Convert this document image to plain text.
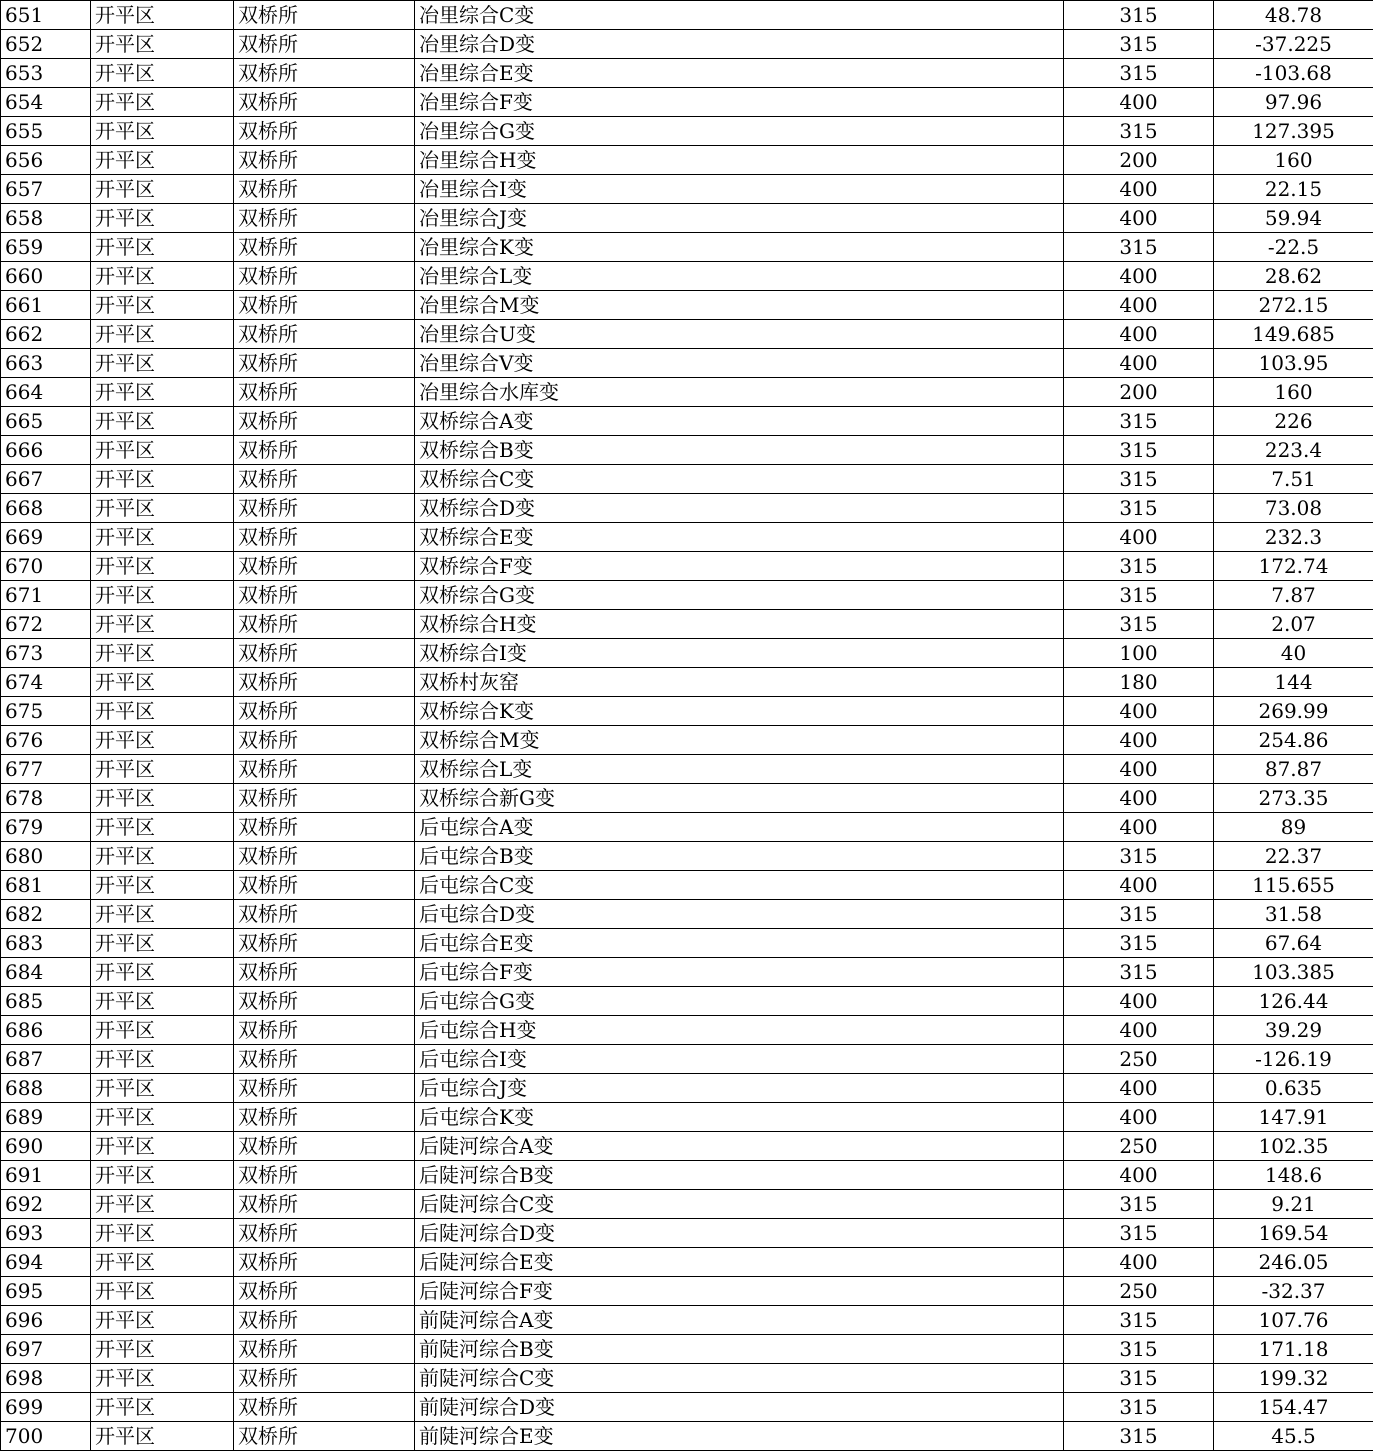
651	开平区	双桥所	冶里综合C变	315	48.78
652	开平区	双桥所	冶里综合D变	315	-37.225
653	开平区	双桥所	冶里综合E变	315	-103.68
654	开平区	双桥所	冶里综合F变	400	97.96
655	开平区	双桥所	冶里综合G变	315	127.395
656	开平区	双桥所	冶里综合H变	200	160
657	开平区	双桥所	冶里综合I变	400	22.15
658	开平区	双桥所	冶里综合J变	400	59.94
659	开平区	双桥所	冶里综合K变	315	-22.5
660	开平区	双桥所	冶里综合L变	400	28.62
661	开平区	双桥所	冶里综合M变	400	272.15
662	开平区	双桥所	冶里综合U变	400	149.685
663	开平区	双桥所	冶里综合V变	400	103.95
664	开平区	双桥所	冶里综合水库变	200	160
665	开平区	双桥所	双桥综合A变	315	226
666	开平区	双桥所	双桥综合B变	315	223.4
667	开平区	双桥所	双桥综合C变	315	7.51
668	开平区	双桥所	双桥综合D变	315	73.08
669	开平区	双桥所	双桥综合E变	400	232.3
670	开平区	双桥所	双桥综合F变	315	172.74
671	开平区	双桥所	双桥综合G变	315	7.87
672	开平区	双桥所	双桥综合H变	315	2.07
673	开平区	双桥所	双桥综合I变	100	40
674	开平区	双桥所	双桥村灰窑	180	144
675	开平区	双桥所	双桥综合K变	400	269.99
676	开平区	双桥所	双桥综合M变	400	254.86
677	开平区	双桥所	双桥综合L变	400	87.87
678	开平区	双桥所	双桥综合新G变	400	273.35
679	开平区	双桥所	后屯综合A变	400	89
680	开平区	双桥所	后屯综合B变	315	22.37
681	开平区	双桥所	后屯综合C变	400	115.655
682	开平区	双桥所	后屯综合D变	315	31.58
683	开平区	双桥所	后屯综合E变	315	67.64
684	开平区	双桥所	后屯综合F变	315	103.385
685	开平区	双桥所	后屯综合G变	400	126.44
686	开平区	双桥所	后屯综合H变	400	39.29
687	开平区	双桥所	后屯综合I变	250	-126.19
688	开平区	双桥所	后屯综合J变	400	0.635
689	开平区	双桥所	后屯综合K变	400	147.91
690	开平区	双桥所	后陡河综合A变	250	102.35
691	开平区	双桥所	后陡河综合B变	400	148.6
692	开平区	双桥所	后陡河综合C变	315	9.21
693	开平区	双桥所	后陡河综合D变	315	169.54
694	开平区	双桥所	后陡河综合E变	400	246.05
695	开平区	双桥所	后陡河综合F变	250	-32.37
696	开平区	双桥所	前陡河综合A变	315	107.76
697	开平区	双桥所	前陡河综合B变	315	171.18
698	开平区	双桥所	前陡河综合C变	315	199.32
699	开平区	双桥所	前陡河综合D变	315	154.47
700	开平区	双桥所	前陡河综合E变	315	45.5
